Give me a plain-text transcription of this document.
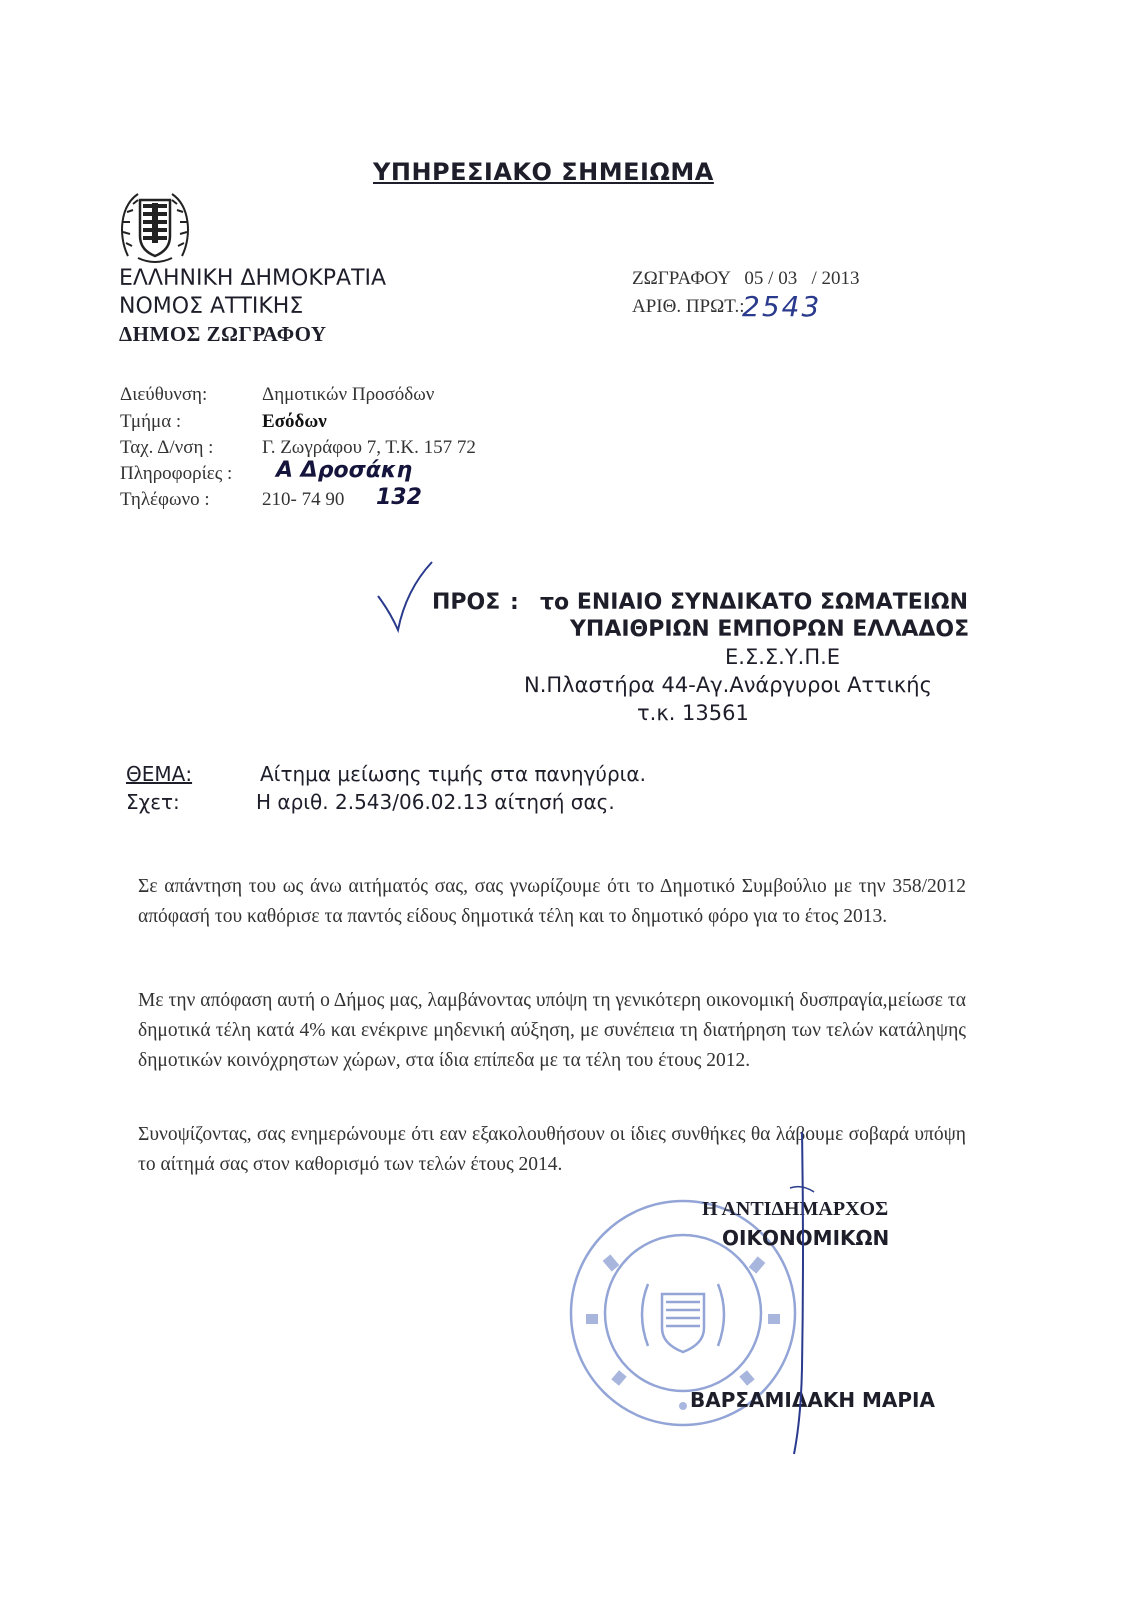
ΥΠΗΡΕΣΙΑΚΟ ΣΗΜΕΙΩΜΑ
ΕΛΛΗΝΙΚΗ ΔΗΜΟΚΡΑΤΙΑ
ΝΟΜΟΣ ΑΤΤΙΚΗΣ
ΔΗΜΟΣ ΖΩΓΡΑΦΟΥ
ΖΩΓΡΑΦΟΥ   05 / 03   / 2013
ΑΡΙΘ. ΠΡΩΤ.:
2543
Διεύθυνση:	Δημοτικών Προσόδων
Τμήμα :	Εσόδων
Ταχ. Δ/νση :	Γ. Ζωγράφου 7, Τ.Κ. 157 72
Πληροφορίες : Α Δροσάκη
Τηλέφωνο :	210- 74 90 132
ΠΡΟΣ : το ΕΝΙΑΙΟ ΣΥΝΔΙΚΑΤΟ ΣΩΜΑΤΕΙΩΝ
ΥΠΑΙΘΡΙΩΝ ΕΜΠΟΡΩΝ ΕΛΛΑΔΟΣ
Ε.Σ.Σ.Υ.Π.Ε
Ν.Πλαστήρα 44-Αγ.Ανάργυροι Αττικής
τ.κ. 13561
ΘΕΜΑ:	Αίτημα μείωσης τιμής στα πανηγύρια.
Σχετ:	Η αριθ. 2.543/06.02.13 αίτησή σας.
Σε απάντηση του ως άνω αιτήματός σας, σας γνωρίζουμε ότι το Δημοτικό Συμβούλιο με την 358/2012 απόφασή του καθόρισε τα παντός είδους δημοτικά τέλη και το δημοτικό φόρο για το έτος 2013.
Με την απόφαση αυτή ο Δήμος μας, λαμβάνοντας υπόψη τη γενικότερη οικονομική δυσπραγία,μείωσε τα δημοτικά τέλη κατά 4% και ενέκρινε μηδενική αύξηση, με συνέπεια τη διατήρηση των τελών κατάληψης δημοτικών κοινόχρηστων χώρων, στα ίδια επίπεδα με τα τέλη του έτους 2012.
Συνοψίζοντας, σας ενημερώνουμε ότι εαν εξακολουθήσουν οι ίδιες συνθήκες θα λάβουμε σοβαρά υπόψη το αίτημά σας στον καθορισμό των τελών έτους 2014.
Η ΑΝΤΙΔΗΜΑΡΧΟΣ
ΟΙΚΟΝΟΜΙΚΩΝ
ΒΑΡΣΑΜΙΔΑΚΗ ΜΑΡΙΑ
